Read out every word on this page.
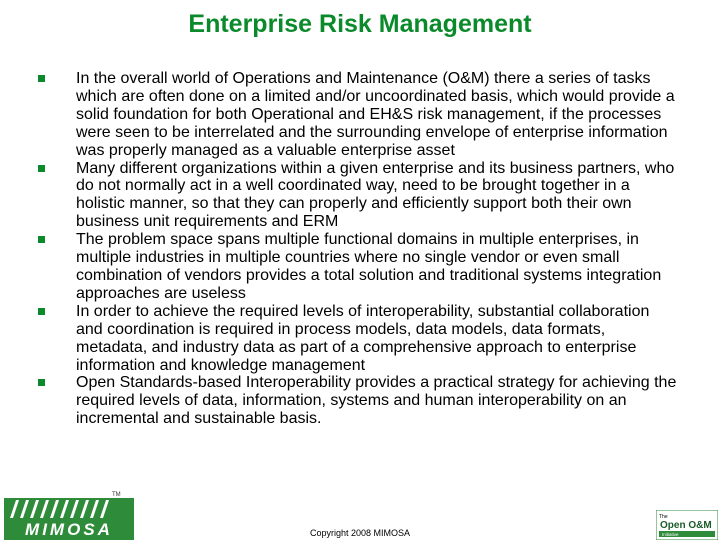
Enterprise Risk Management
In the overall world of Operations and Maintenance (O&M) there a series of tasks which are often done on a limited and/or uncoordinated basis, which would provide a solid foundation for both Operational and EH&S risk management, if the processes were seen to be interrelated and the surrounding envelope of enterprise information was properly managed as a valuable enterprise asset
Many different organizations within a given enterprise and its business partners, who do not normally act in a well coordinated way, need to be brought together in a holistic manner, so that they can properly and efficiently support both their own business unit requirements and ERM
The problem space spans multiple functional domains in multiple enterprises, in multiple industries in multiple countries where no single vendor or even small combination of vendors provides a total solution and traditional systems integration approaches are useless
In order to achieve the required levels of interoperability, substantial collaboration and coordination is required in process models, data models, data formats, metadata, and industry data as part of a comprehensive approach to enterprise information and knowledge management
Open Standards-based Interoperability provides a practical strategy for achieving the required levels of data, information, systems and human interoperability on an incremental and sustainable basis.
MIMOSA
TM
Copyright 2008 MIMOSA
The
Open O&M
Initiative
